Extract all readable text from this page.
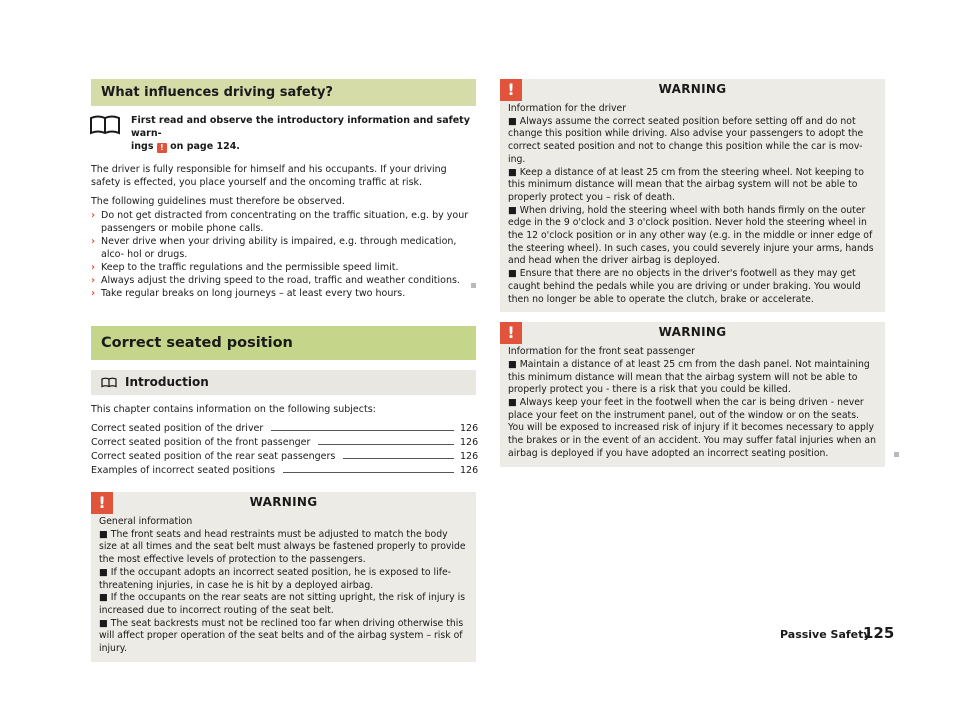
What influences driving safety?
First read and observe the introductory information and safety warn-
ings ! on page 124.

The driver is fully responsible for himself and his occupants. If your driving safety is effected, you place yourself and the oncoming traffic at risk.

The following guidelines must therefore be observed.

› Do not get distracted from concentrating on the traffic situation, e.g. by your passengers or mobile phone calls.
› Never drive when your driving ability is impaired, e.g. through medication, alco- hol or drugs.
› Keep to the traffic regulations and the permissible speed limit.
› Always adjust the driving speed to the road, traffic and weather conditions.
› Take regular breaks on long journeys – at least every two hours.
Correct seated position
Introduction

This chapter contains information on the following subjects:

Correct seated position of the driver	126
Correct seated position of the front passenger	126
Correct seated position of the rear seat passengers	126
Examples of incorrect seated positions	126
!	WARNING
General information
■ The front seats and head restraints must be adjusted to match the body size at all times and the seat belt must always be fastened properly to provide the most effective levels of protection to the passengers.
■ If the occupant adopts an incorrect seated position, he is exposed to life- threatening injuries, in case he is hit by a deployed airbag.
■ If the occupants on the rear seats are not sitting upright, the risk of injury is increased due to incorrect routing of the seat belt.
■ The seat backrests must not be reclined too far when driving otherwise this will affect proper operation of the seat belts and of the airbag system – risk of injury.
!	WARNING
Information for the driver
■ Always assume the correct seated position before setting off and do not change this position while driving. Also advise your passengers to adopt the correct seated position and not to change this position while the car is mov- ing.
■ Keep a distance of at least 25 cm from the steering wheel. Not keeping to this minimum distance will mean that the airbag system will not be able to properly protect you – risk of death.
■ When driving, hold the steering wheel with both hands firmly on the outer edge in the 9 o'clock and 3 o'clock position. Never hold the steering wheel in the 12 o'clock position or in any other way (e.g. in the middle or inner edge of the steering wheel). In such cases, you could severely injure your arms, hands and head when the driver airbag is deployed.
■ Ensure that there are no objects in the driver's footwell as they may get caught behind the pedals while you are driving or under braking. You would then no longer be able to operate the clutch, brake or accelerate.
!	WARNING
Information for the front seat passenger
■ Maintain a distance of at least 25 cm from the dash panel. Not maintaining this minimum distance will mean that the airbag system will not be able to properly protect you - there is a risk that you could be killed.
■ Always keep your feet in the footwell when the car is being driven - never place your feet on the instrument panel, out of the window or on the seats. You will be exposed to increased risk of injury if it becomes necessary to apply the brakes or in the event of an accident. You may suffer fatal injuries when an airbag is deployed if you have adopted an incorrect seating position.
Passive Safety
125
